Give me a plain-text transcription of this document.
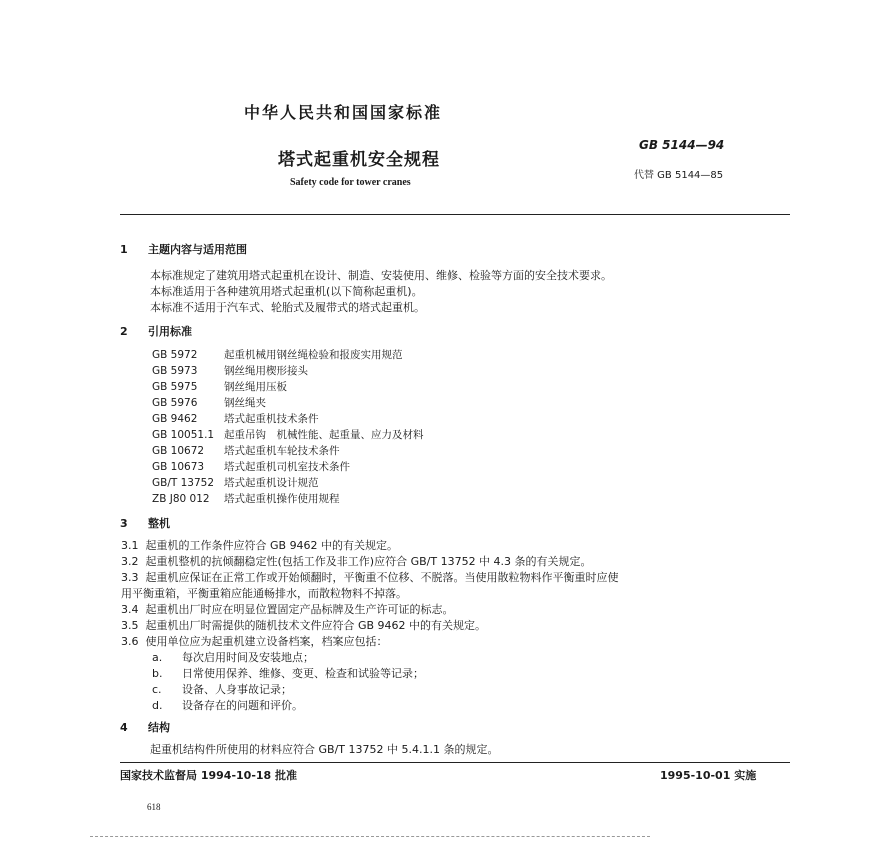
中华人民共和国国家标准
塔式起重机安全规程
Safety code for tower cranes
GB 5144—94
代替 GB 5144—85
1 主题内容与适用范围
本标准规定了建筑用塔式起重机在设计、制造、安装使用、维修、检验等方面的安全技术要求。
本标准适用于各种建筑用塔式起重机(以下简称起重机)。
本标准不适用于汽车式、轮胎式及履带式的塔式起重机。
2 引用标准
GB 5972	起重机械用钢丝绳检验和报废实用规范
GB 5973	钢丝绳用楔形接头
GB 5975	钢丝绳用压板
GB 5976	钢丝绳夹
GB 9462	塔式起重机技术条件
GB 10051.1 起重吊钩　机械性能、起重量、应力及材料
GB 10672 塔式起重机车轮技术条件
GB 10673 塔式起重机司机室技术条件
GB/T 13752 塔式起重机设计规范
ZB J80 012 塔式起重机操作使用规程
3 整机
3.1 起重机的工作条件应符合 GB 9462 中的有关规定。
3.2 起重机整机的抗倾翻稳定性(包括工作及非工作)应符合 GB/T 13752 中 4.3 条的有关规定。
3.3 起重机应保证在正常工作或开始倾翻时，平衡重不位移、不脱落。当使用散粒物料作平衡重时应使
用平衡重箱，平衡重箱应能通畅排水，而散粒物料不掉落。
3.4 起重机出厂时应在明显位置固定产品标牌及生产许可证的标志。
3.5 起重机出厂时需提供的随机技术文件应符合 GB 9462 中的有关规定。
3.6 使用单位应为起重机建立设备档案，档案应包括：
a. 每次启用时间及安装地点；
b. 日常使用保养、维修、变更、检查和试验等记录；
c. 设备、人身事故记录；
d. 设备存在的问题和评价。
4 结构
起重机结构件所使用的材料应符合 GB/T 13752 中 5.4.1.1 条的规定。
国家技术监督局 1994-10-18 批准	1995-10-01 实施
618
